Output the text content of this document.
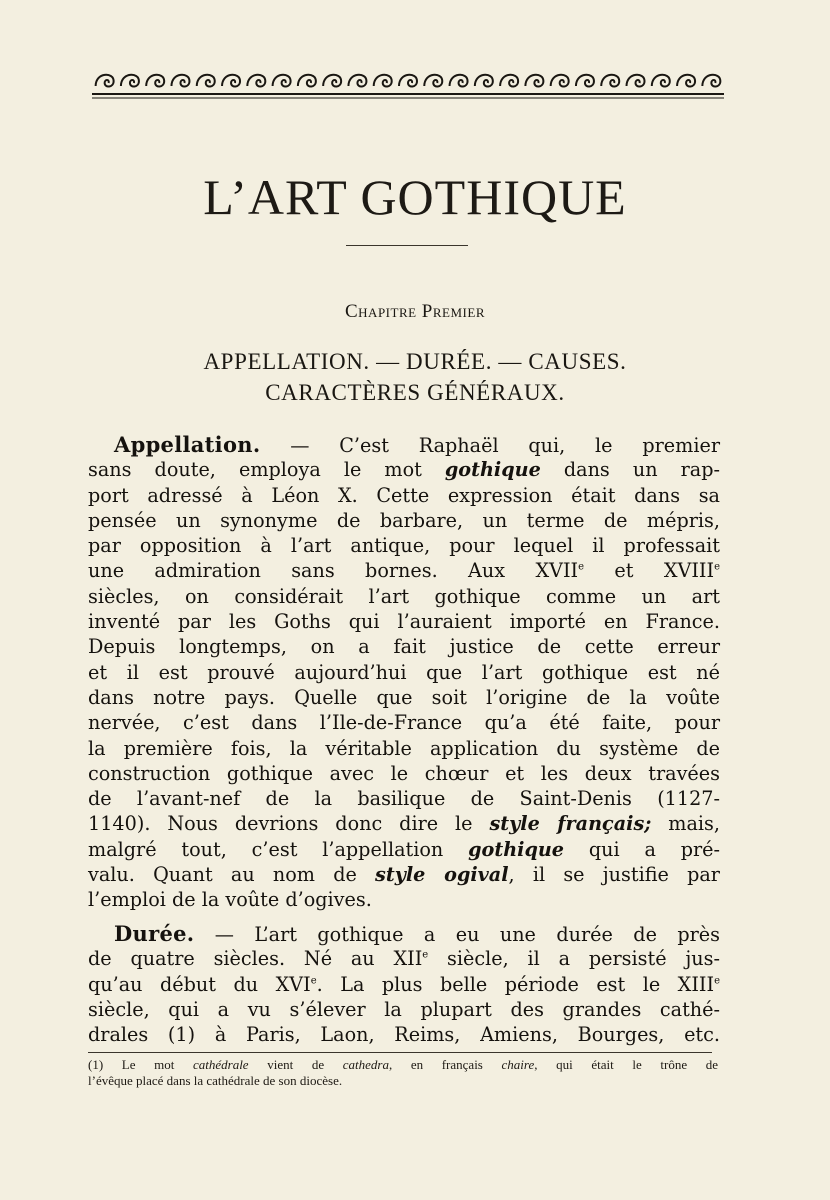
L’ART GOTHIQUE
Chapitre Premier
APPELLATION. — DURÉE. — CAUSES.
CARACTÈRES GÉNÉRAUX.
Appellation. — C’est Raphaël qui, le premier
sans doute, employa le mot gothique dans un rap-
port adressé à Léon X. Cette expression était dans sa
pensée un synonyme de barbare, un terme de mépris,
par opposition à l’art antique, pour lequel il professait
une admiration sans bornes. Aux XVIIe et XVIIIe
siècles, on considérait l’art gothique comme un art
inventé par les Goths qui l’auraient importé en France.
Depuis longtemps, on a fait justice de cette erreur
et il est prouvé aujourd’hui que l’art gothique est né
dans notre pays. Quelle que soit l’origine de la voûte
nervée, c’est dans l’Ile-de-France qu’a été faite, pour
la première fois, la véritable application du système de
construction gothique avec le chœur et les deux travées
de l’avant-nef de la basilique de Saint-Denis (1127-
1140). Nous devrions donc dire le style français; mais,
malgré tout, c’est l’appellation gothique qui a pré-
valu. Quant au nom de style ogival, il se justifie par
l’emploi de la voûte d’ogives.
Durée. — L’art gothique a eu une durée de près
de quatre siècles. Né au XIIe siècle, il a persisté jus-
qu’au début du XVIe. La plus belle période est le XIIIe
siècle, qui a vu s’élever la plupart des grandes cathé-
drales (1) à Paris, Laon, Reims, Amiens, Bourges, etc.
(1) Le mot cathédrale vient de cathedra, en français chaire, qui était le trône de
l’évêque placé dans la cathédrale de son diocèse.
